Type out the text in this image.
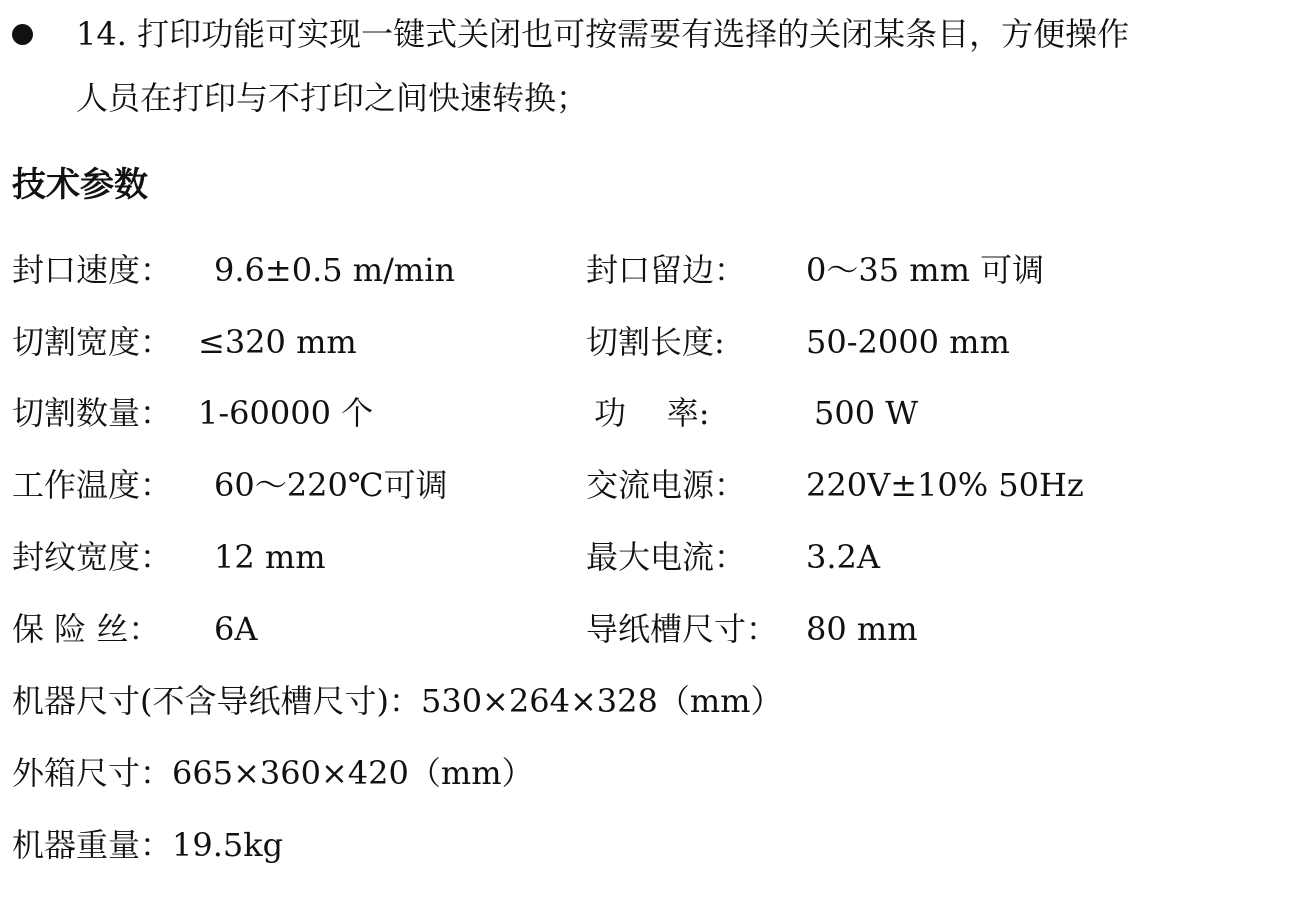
14. 打印功能可实现一键式关闭也可按需要有选择的关闭某条目，方便操作
人员在打印与不打印之间快速转换；
技术参数
封口速度： 9.6±0.5 m/min	封口留边： 0～35 mm 可调
切割宽度： ≤320 mm	切割长度:	50-2000 mm
切割数量： 1-60000 个	功    率:	500 W
工作温度： 60～220℃可调	交流电源： 220V±10% 50Hz
封纹宽度： 12 mm	最大电流： 3.2A
保 险 丝： 6A	导纸槽尺寸： 80 mm
机器尺寸(不含导纸槽尺寸)：530×264×328（mm）
外箱尺寸：665×360×420（mm）
机器重量：19.5kg
